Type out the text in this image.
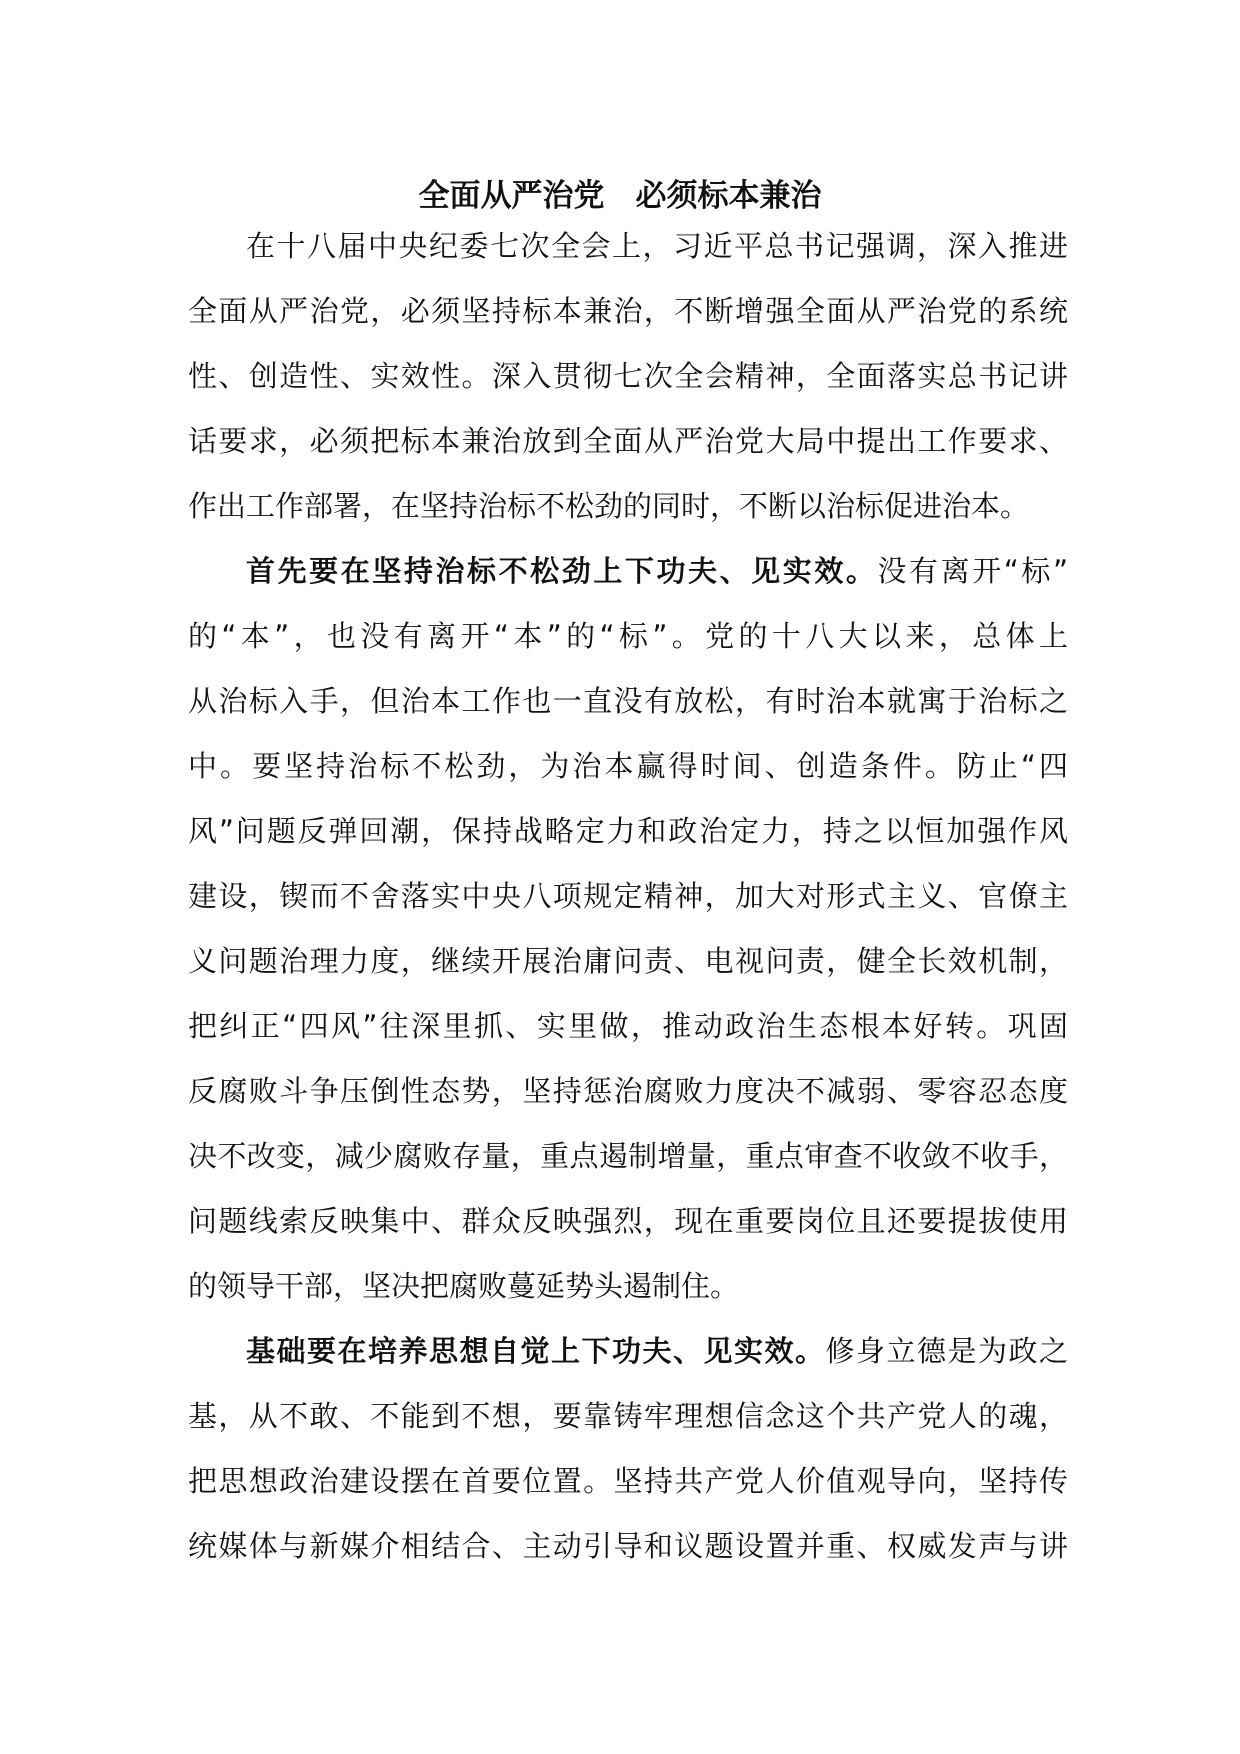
全面从严治党　必须标本兼治

在十八届中央纪委七次全会上，习近平总书记强调，深入推进
全面从严治党，必须坚持标本兼治，不断增强全面从严治党的系统
性、创造性、实效性。深入贯彻七次全会精神，全面落实总书记讲
话要求，必须把标本兼治放到全面从严治党大局中提出工作要求、
作出工作部署，在坚持治标不松劲的同时，不断以治标促进治本。

首先要在坚持治标不松劲上下功夫、见实效。没有离开“标”
的“本”，也没有离开“本”的“标”。党的十八大以来，总体上
从治标入手，但治本工作也一直没有放松，有时治本就寓于治标之
中。要坚持治标不松劲，为治本赢得时间、创造条件。防止“四
风”问题反弹回潮，保持战略定力和政治定力，持之以恒加强作风
建设，锲而不舍落实中央八项规定精神，加大对形式主义、官僚主
义问题治理力度，继续开展治庸问责、电视问责，健全长效机制，
把纠正“四风”往深里抓、实里做，推动政治生态根本好转。巩固
反腐败斗争压倒性态势，坚持惩治腐败力度决不减弱、零容忍态度
决不改变，减少腐败存量，重点遏制增量，重点审查不收敛不收手，
问题线索反映集中、群众反映强烈，现在重要岗位且还要提拔使用
的领导干部，坚决把腐败蔓延势头遏制住。

基础要在培养思想自觉上下功夫、见实效。修身立德是为政之
基，从不敢、不能到不想，要靠铸牢理想信念这个共产党人的魂，
把思想政治建设摆在首要位置。坚持共产党人价值观导向，坚持传
统媒体与新媒介相结合、主动引导和议题设置并重、权威发声与讲
